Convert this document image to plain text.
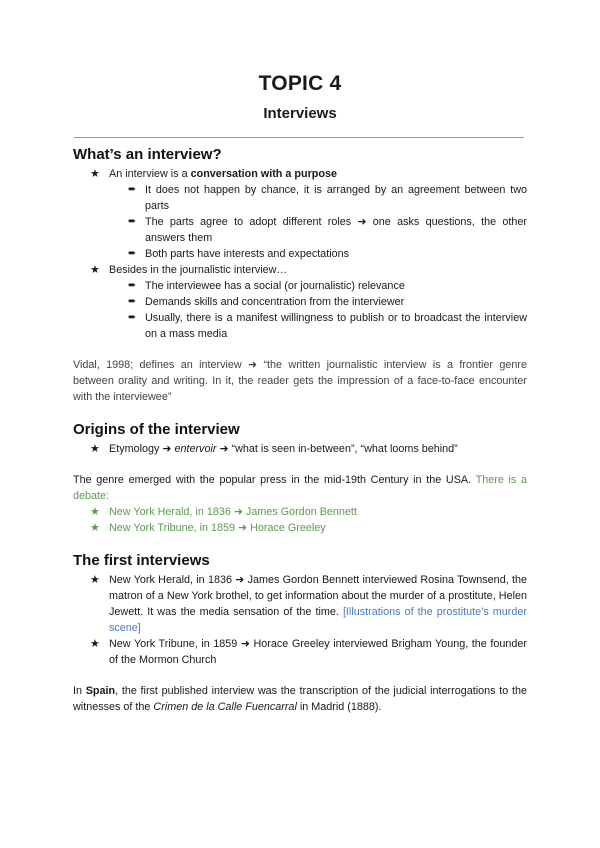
TOPIC 4
Interviews
What’s an interview?
★ An interview is a conversation with a purpose
➨ It does not happen by chance, it is arranged by an agreement between two parts
➨ The parts agree to adopt different roles ➜ one asks questions, the other answers them
➨ Both parts have interests and expectations
★ Besides in the journalistic interview…
➨ The interviewee has a social (or journalistic) relevance
➨ Demands skills and concentration from the interviewer
➨ Usually, there is a manifest willingness to publish or to broadcast the interview on a mass media
Vidal, 1998; defines an interview ➜ “the written journalistic interview is a frontier genre between orality and writing. In it, the reader gets the impression of a face-to-face encounter with the interviewee”
Origins of the interview
★ Etymology ➜ entervoir ➜ “what is seen in-between”, “what looms behind”
The genre emerged with the popular press in the mid-19th Century in the USA. There is a debate:
★ New York Herald, in 1836 ➜ James Gordon Bennett
★ New York Tribune, in 1859 ➜ Horace Greeley
The first interviews
★ New York Herald, in 1836 ➜ James Gordon Bennett interviewed Rosina Townsend, the matron of a New York brothel, to get information about the murder of a prostitute, Helen Jewett. It was the media sensation of the time. [Illustrations of the prostitute’s murder scene]
★ New York Tribune, in 1859 ➜ Horace Greeley interviewed Brigham Young, the founder of the Mormon Church
In Spain, the first published interview was the transcription of the judicial interrogations to the witnesses of the Crimen de la Calle Fuencarral in Madrid (1888).
